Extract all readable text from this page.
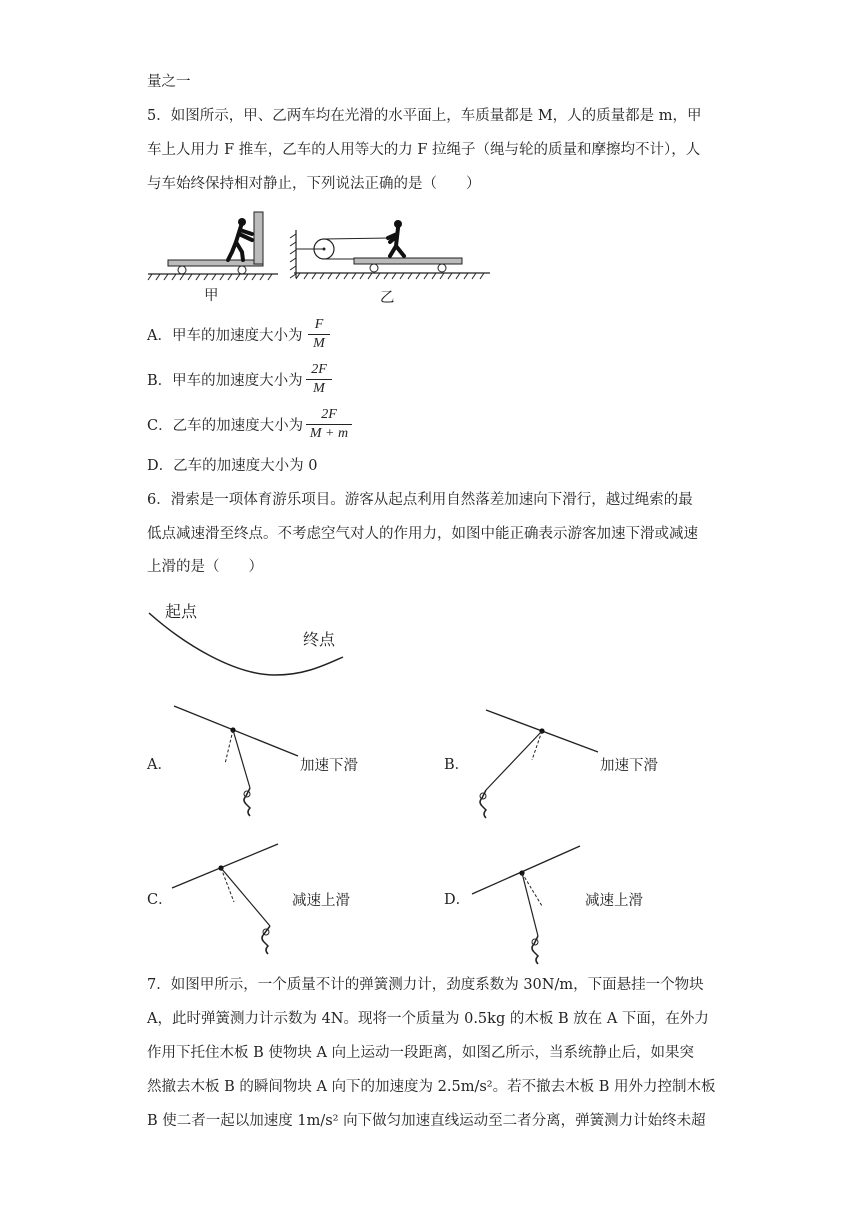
量之一
5．如图所示，甲、乙两车均在光滑的水平面上，车质量都是 M，人的质量都是 m，甲
车上人用力 F 推车，乙车的人用等大的力 F 拉绳子（绳与轮的质量和摩擦均不计），人
与车始终保持相对静止，下列说法正确的是（　　）
甲	乙
A．甲车的加速度大小为
F
M
B．甲车的加速度大小为
2F
M
C．乙车的加速度大小为
2F
M + m
D．乙车的加速度大小为 0
6．滑索是一项体育游乐项目。游客从起点利用自然落差加速向下滑行，越过绳索的最
低点减速滑至终点。不考虑空气对人的作用力，如图中能正确表示游客加速下滑或减速
上滑的是（　　）
起点
终点
A．	加速下滑	B．	加速下滑
C．	减速上滑	D．	减速上滑
7．如图甲所示，一个质量不计的弹簧测力计，劲度系数为 30N/m，下面悬挂一个物块
A，此时弹簧测力计示数为 4N。现将一个质量为 0.5kg 的木板 B 放在 A 下面，在外力
作用下托住木板 B 使物块 A 向上运动一段距离，如图乙所示，当系统静止后，如果突
然撤去木板 B 的瞬间物块 A 向下的加速度为 2.5m/s²。若不撤去木板 B 用外力控制木板
B 使二者一起以加速度 1m/s² 向下做匀加速直线运动至二者分离，弹簧测力计始终未超
